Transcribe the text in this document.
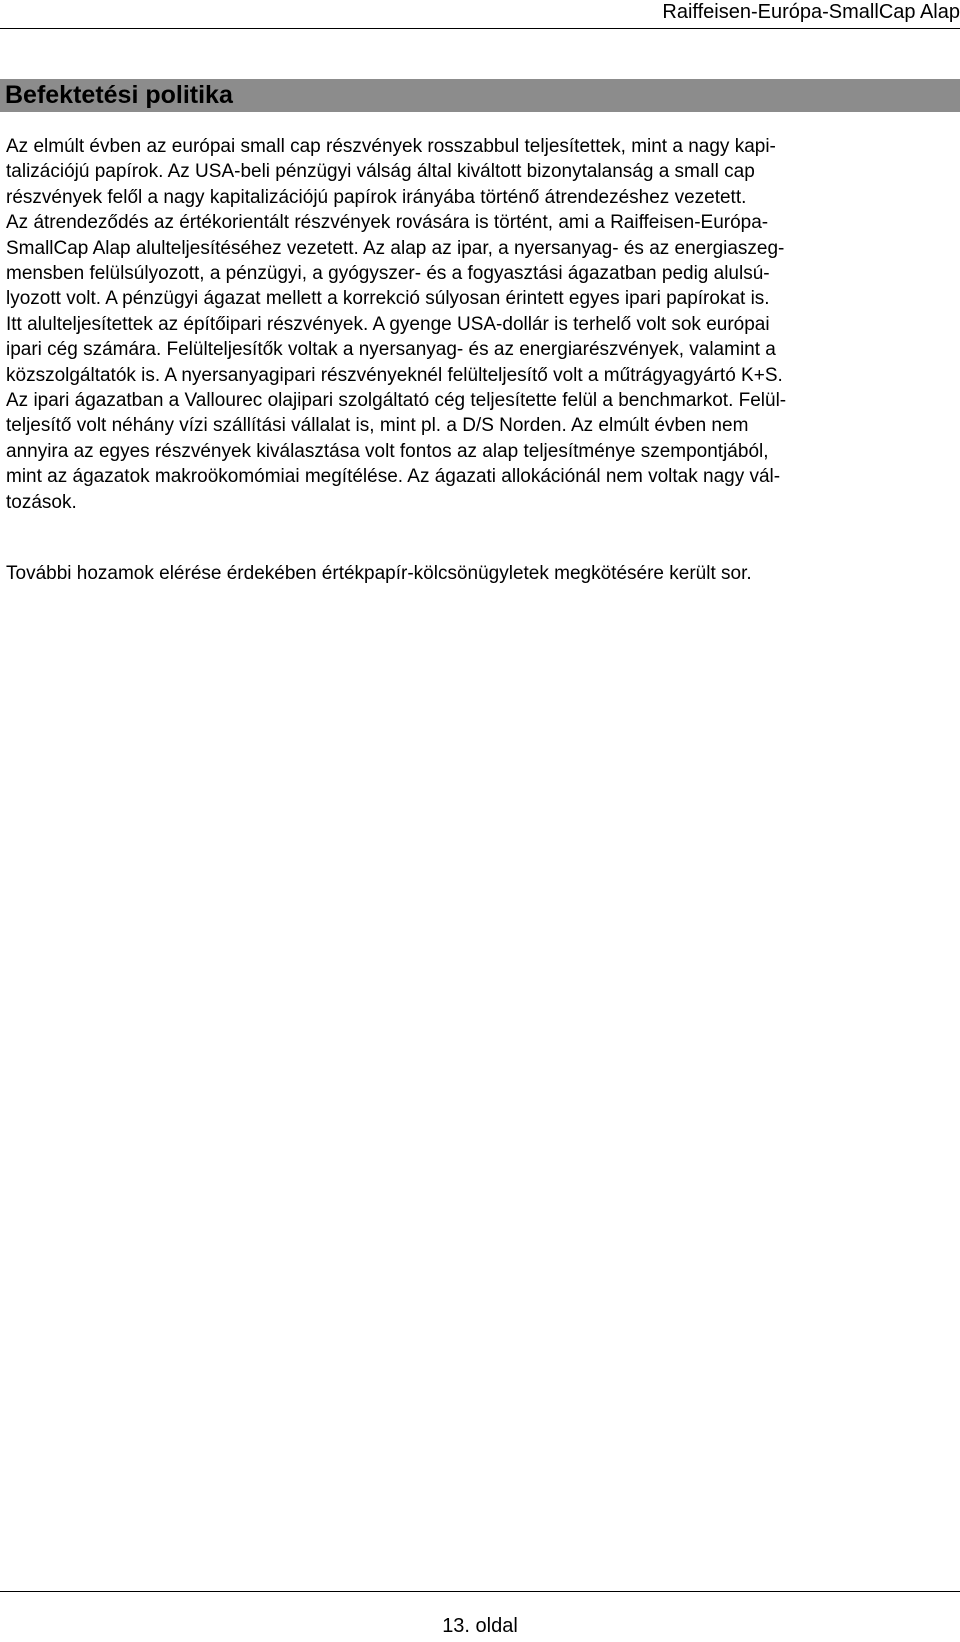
Raiffeisen-Európa-SmallCap Alap
Befektetési politika
Az elmúlt évben az európai small cap részvények rosszabbul teljesítettek, mint a nagy kapi-
talizációjú papírok. Az USA-beli pénzügyi válság által kiváltott bizonytalanság a small cap
részvények felől a nagy kapitalizációjú papírok irányába történő átrendezéshez vezetett.
Az átrendeződés az értékorientált részvények rovására is történt, ami a Raiffeisen-Európa-
SmallCap Alap alulteljesítéséhez vezetett. Az alap az ipar, a nyersanyag- és az energiaszeg-
mensben felülsúlyozott, a pénzügyi, a gyógyszer- és a fogyasztási ágazatban pedig alulsú-
lyozott volt. A pénzügyi ágazat mellett a korrekció súlyosan érintett egyes ipari papírokat is.
Itt alulteljesítettek az építőipari részvények. A gyenge USA-dollár is terhelő volt sok európai
ipari cég számára. Felülteljesítők voltak a nyersanyag- és az energiarészvények, valamint a
közszolgáltatók is. A nyersanyagipari részvényeknél felülteljesítő volt a műtrágyagyártó K+S.
Az ipari ágazatban a Vallourec olajipari szolgáltató cég teljesítette felül a benchmarkot. Felül-
teljesítő volt néhány vízi szállítási vállalat is, mint pl. a D/S Norden. Az elmúlt évben nem
annyira az egyes részvények kiválasztása volt fontos az alap teljesítménye szempontjából,
mint az ágazatok makroökomómiai megítélése. Az ágazati allokációnál nem voltak nagy vál-
tozások.
További hozamok elérése érdekében értékpapír-kölcsönügyletek megkötésére került sor.
13. oldal
